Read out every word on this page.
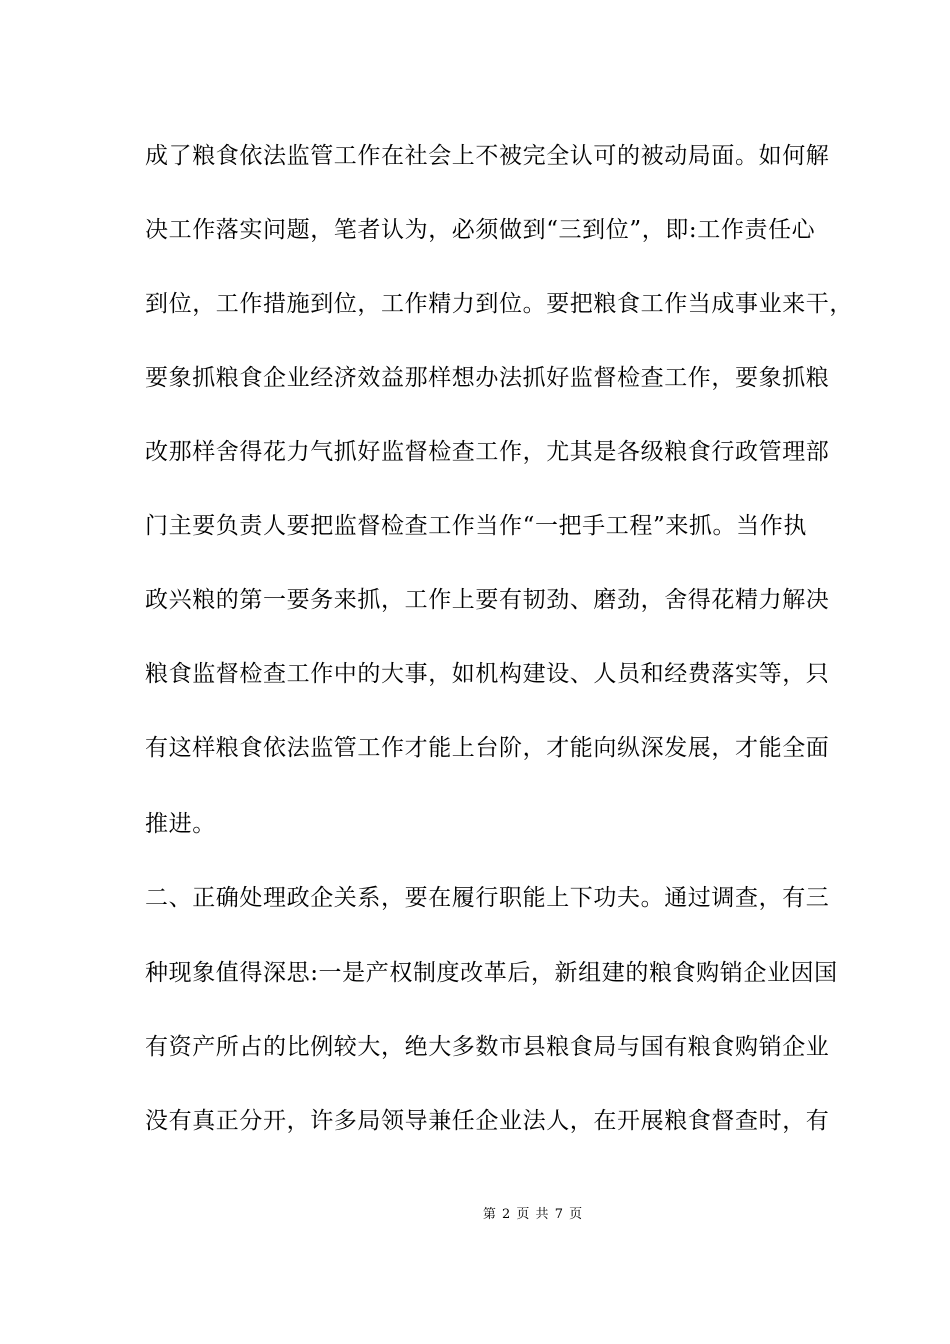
成了粮食依法监管工作在社会上不被完全认可的被动局面。如何解
决工作落实问题，笔者认为，必须做到“三到位”，即:工作责任心
到位，工作措施到位，工作精力到位。要把粮食工作当成事业来干，
要象抓粮食企业经济效益那样想办法抓好监督检查工作，要象抓粮
改那样舍得花力气抓好监督检查工作，尤其是各级粮食行政管理部
门主要负责人要把监督检查工作当作“一把手工程”来抓。当作执
政兴粮的第一要务来抓，工作上要有韧劲、磨劲，舍得花精力解决
粮食监督检查工作中的大事，如机构建设、人员和经费落实等，只
有这样粮食依法监管工作才能上台阶，才能向纵深发展，才能全面
推进。
二、正确处理政企关系，要在履行职能上下功夫。通过调查，有三
种现象值得深思:一是产权制度改革后，新组建的粮食购销企业因国
有资产所占的比例较大，绝大多数市县粮食局与国有粮食购销企业
没有真正分开，许多局领导兼任企业法人，在开展粮食督查时，有
第 2 页 共 7 页
